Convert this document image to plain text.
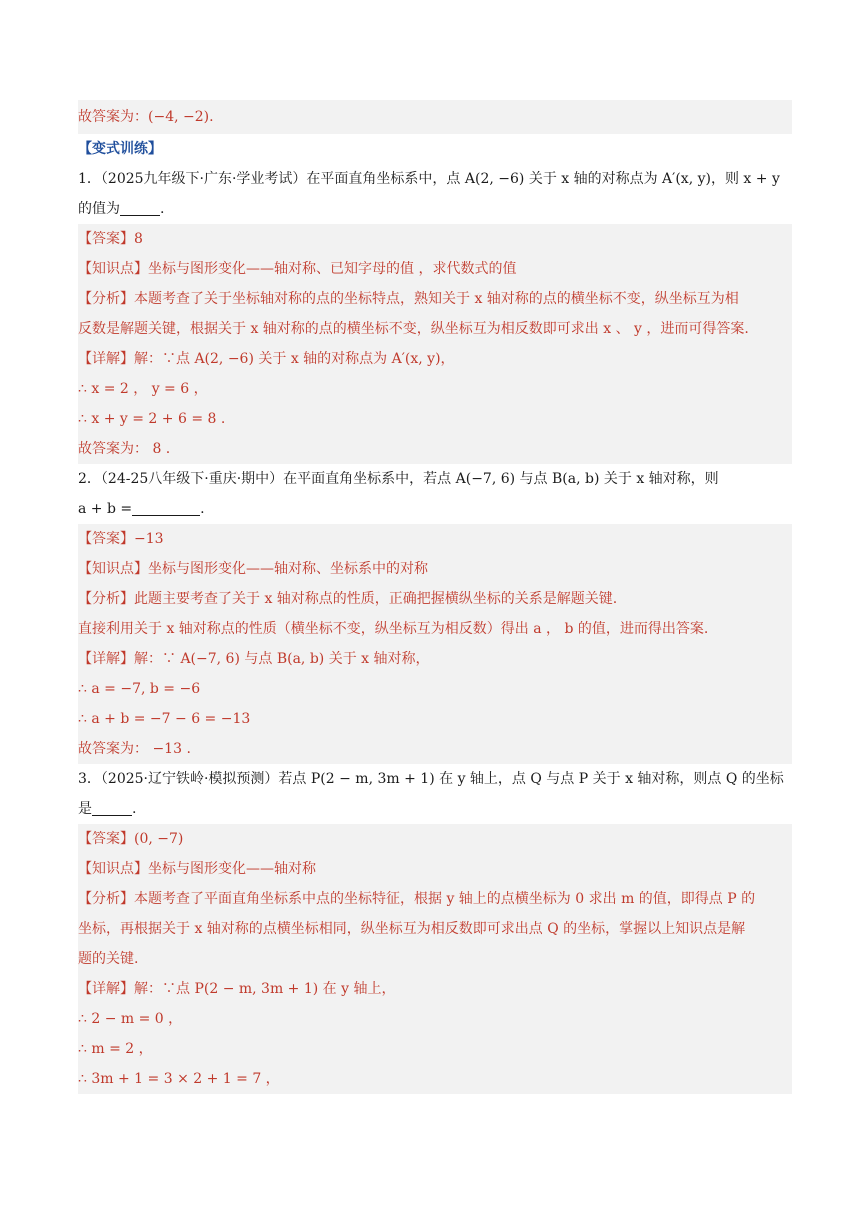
故答案为：(−4, −2).
【变式训练】
1．（2025九年级下·广东·学业考试）在平面直角坐标系中，点 A(2, −6) 关于 x 轴的对称点为 A′(x, y)，则 x + y
的值为	.
【答案】8
【知识点】坐标与图形变化——轴对称、已知字母的值 ，求代数式的值
【分析】本题考查了关于坐标轴对称的点的坐标特点，熟知关于 x 轴对称的点的横坐标不变，纵坐标互为相
反数是解题关键，根据关于 x 轴对称的点的横坐标不变，纵坐标互为相反数即可求出 x 、 y ，进而可得答案.
【详解】解：∵点 A(2, −6) 关于 x 轴的对称点为 A′(x, y)，
∴ x = 2 ， y = 6 ，
∴ x + y = 2 + 6 = 8 .
故答案为： 8 .
2．（24-25八年级下·重庆·期中）在平面直角坐标系中，若点 A(−7, 6) 与点 B(a, b) 关于 x 轴对称，则
a + b =	.
【答案】−13
【知识点】坐标与图形变化——轴对称、坐标系中的对称
【分析】此题主要考查了关于 x 轴对称点的性质，正确把握横纵坐标的关系是解题关键.
直接利用关于 x 轴对称点的性质（横坐标不变，纵坐标互为相反数）得出 a ， b 的值，进而得出答案.
【详解】解：∵ A(−7, 6) 与点 B(a, b) 关于 x 轴对称，
∴ a = −7, b = −6
∴ a + b = −7 − 6 = −13
故答案为： −13 .
3．（2025·辽宁铁岭·模拟预测）若点 P(2 − m, 3m + 1) 在 y 轴上，点 Q 与点 P 关于 x 轴对称，则点 Q 的坐标
是	.
【答案】(0, −7)
【知识点】坐标与图形变化——轴对称
【分析】本题考查了平面直角坐标系中点的坐标特征，根据 y 轴上的点横坐标为 0 求出 m 的值，即得点 P 的
坐标，再根据关于 x 轴对称的点横坐标相同，纵坐标互为相反数即可求出点 Q 的坐标，掌握以上知识点是解
题的关键.
【详解】解：∵点 P(2 − m, 3m + 1) 在 y 轴上，
∴ 2 − m = 0 ，
∴ m = 2 ，
∴ 3m + 1 = 3 × 2 + 1 = 7 ，
